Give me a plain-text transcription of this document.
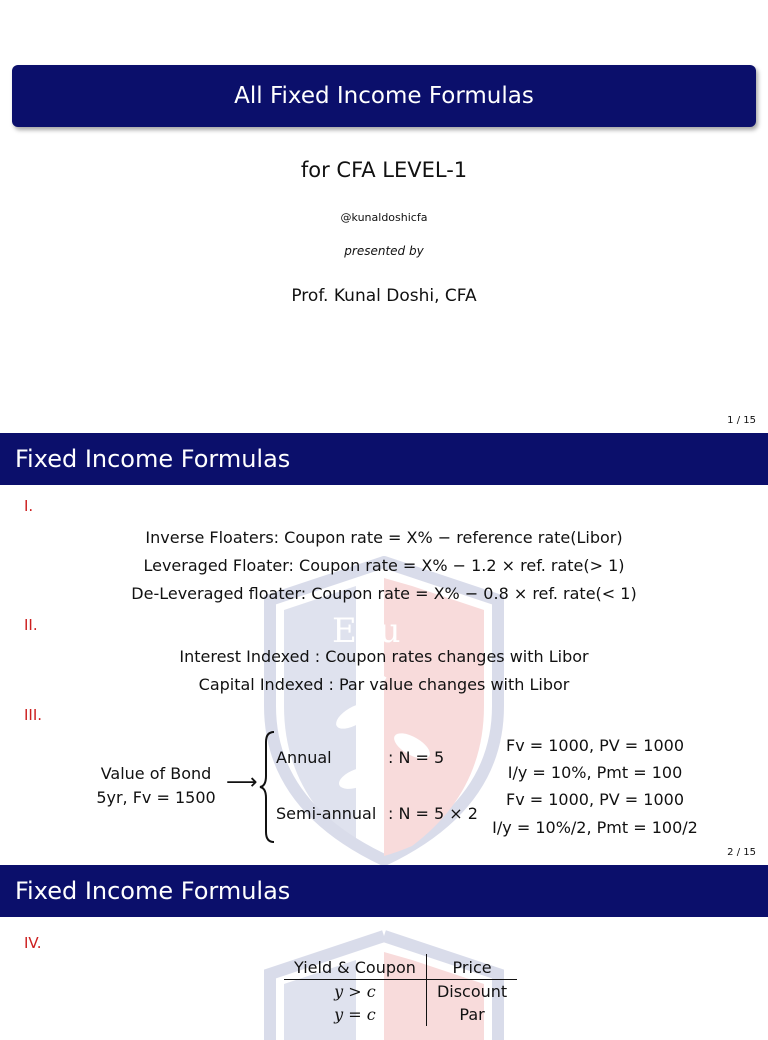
All Fixed Income Formulas
for CFA LEVEL-1
@kunaldoshicfa
presented by
Prof. Kunal Doshi, CFA
1 / 15
Fixed Income Formulas
Edu
I.
Inverse Floaters: Coupon rate = X% − reference rate(Libor)
Leveraged Floater: Coupon rate = X% − 1.2 × ref. rate(> 1)
De-Leveraged floater: Coupon rate = X% − 0.8 × ref. rate(< 1)
II.
Interest Indexed : Coupon rates changes with Libor
Capital Indexed : Par value changes with Libor
III.
Value of Bond
5yr, Fv = 1500
⟶
Annual	: N = 5
Fv = 1000, PV = 1000
I/y = 10%, Pmt = 100
Semi-annual : N = 5 × 2
Fv = 1000, PV = 1000
I/y = 10%/2, Pmt = 100/2
2 / 15
Fixed Income Formulas
IV.
Yield & Coupon	Price
y > c	Discount
y = c	Par
